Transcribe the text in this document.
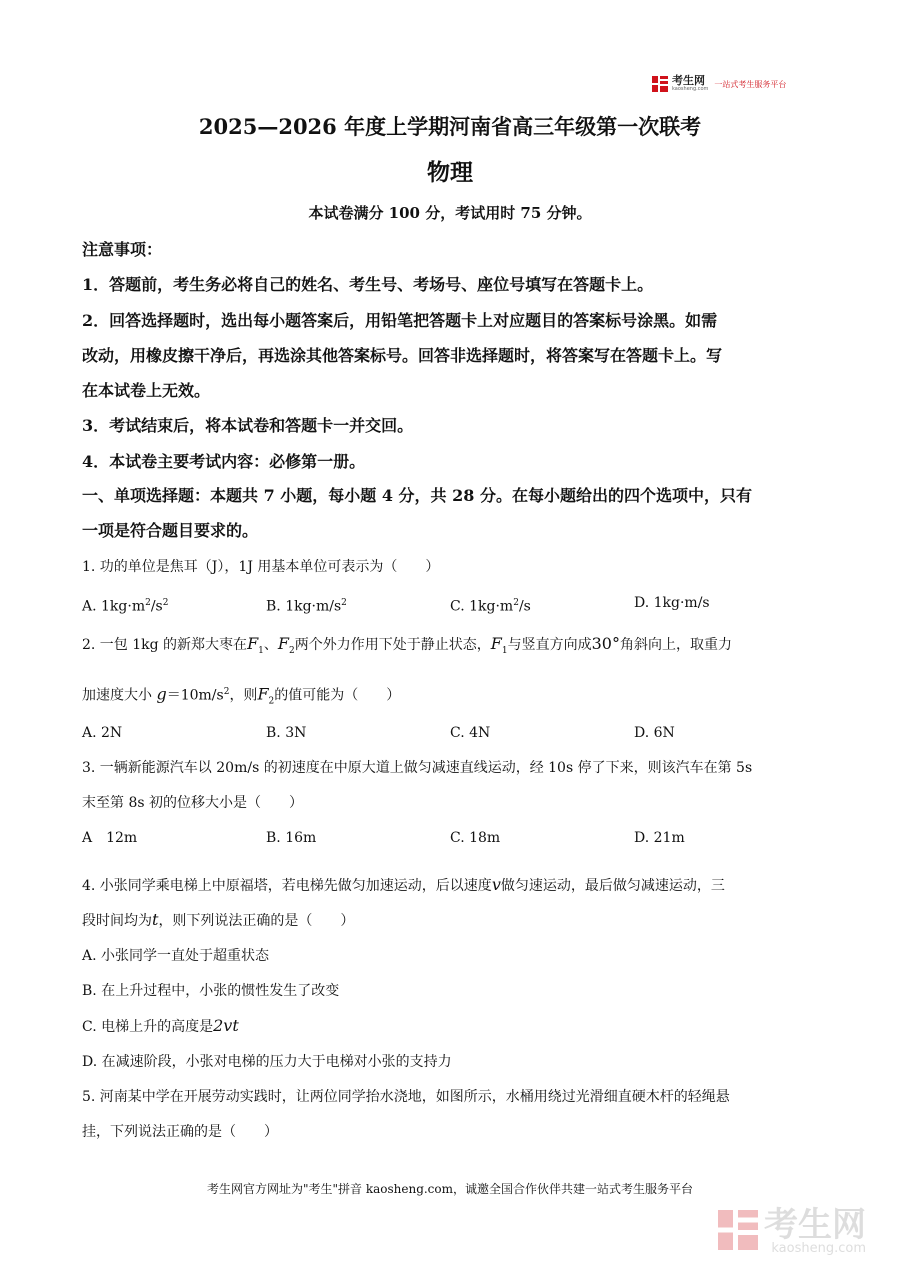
考生网
kaosheng.com
一站式考生服务平台
2025—2026 年度上学期河南省高三年级第一次联考
物理
本试卷满分 100 分，考试用时 75 分钟。
注意事项：
1．答题前，考生务必将自己的姓名、考生号、考场号、座位号填写在答题卡上。
2．回答选择题时，选出每小题答案后，用铅笔把答题卡上对应题目的答案标号涂黑。如需
改动，用橡皮擦干净后，再选涂其他答案标号。回答非选择题时，将答案写在答题卡上。写
在本试卷上无效。
3．考试结束后，将本试卷和答题卡一并交回。
4．本试卷主要考试内容：必修第一册。
一、单项选择题：本题共 7 小题，每小题 4 分，共 28 分。在每小题给出的四个选项中，只有
一项是符合题目要求的。
1. 功的单位是焦耳（J），1J 用基本单位可表示为（　　）
A. $1kg\cdot m^2/s^2$	B. $1kg\cdot m/s^2$	C. $1kg\cdot m^2/s$	D. 1kg·m/s
2. 一包 1kg 的新郑大枣在$F_1$、$F_2$两个外力作用下处于静止状态，$F_1$与竖直方向成30°角斜向上，取重力
加速度大小 $g=10m/s^2$，则$F_2$的值可能为（　　）
A. 2N	B. 3N	C. 4N	D. 6N
3. 一辆新能源汽车以 20m/s 的初速度在中原大道上做匀减速直线运动，经 10s 停了下来，则该汽车在第 5s
末至第 8s 初的位移大小是（　　）
A　12m	B. 16m	C. 18m	D. 21m
4. 小张同学乘电梯上中原福塔，若电梯先做匀加速运动，后以速度v做匀速运动，最后做匀减速运动，三
段时间均为t，则下列说法正确的是（　　）
A. 小张同学一直处于超重状态
B. 在上升过程中，小张的惯性发生了改变
C. 电梯上升的高度是2vt
D. 在减速阶段，小张对电梯的压力大于电梯对小张的支持力
5. 河南某中学在开展劳动实践时，让两位同学抬水浇地，如图所示，水桶用绕过光滑细直硬木杆的轻绳悬
挂，下列说法正确的是（　　）
考生网官方网址为"考生"拼音 kaosheng.com，诚邀全国合作伙伴共建一站式考生服务平台
考生网
kaosheng.com
